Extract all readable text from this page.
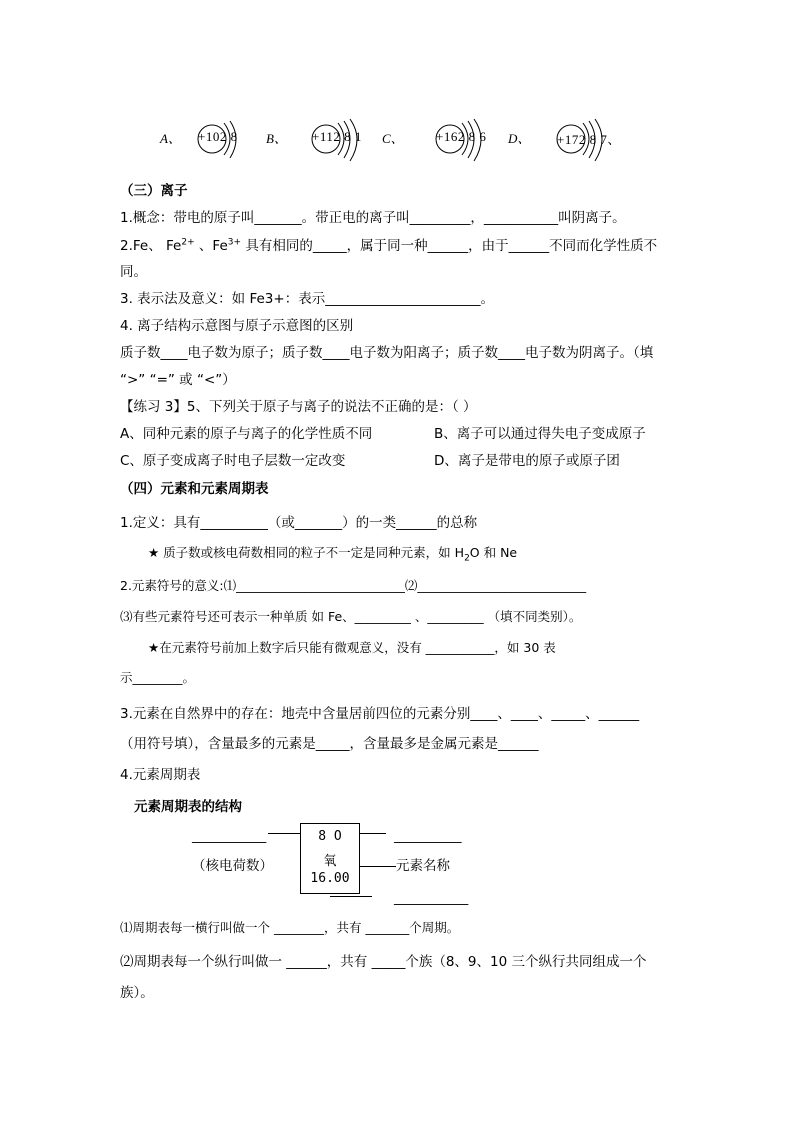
A、 +102 8 B、 +112 8 1 C、 +162 8 6 D、 +172 8 7、
（三）离子
1.概念：带电的原子叫_______。带正电的离子叫_________，___________叫阴离子。
2.Fe、 $Fe^{2+}$ 、$Fe^{3+}$ 具有相同的_____，属于同一种______，由于______不同而化学性质不
同。
3. 表示法及意义：如 Fe3+：表示_______________________。
4. 离子结构示意图与原子示意图的区别
质子数____电子数为原子；质子数____电子数为阳离子；质子数____电子数为阴离子。（填
“>” “=” 或 “<”）
【练习 3】5、下列关于原子与离子的说法不正确的是：（ ）
A、同种元素的原子与离子的化学性质不同	B、离子可以通过得失电子变成原子
C、原子变成离子时电子层数一定改变	D、离子是带电的原子或原子团
（四）元素和元素周期表
1.定义：具有__________（或_______）的一类______的总称
★ 质子数或核电荷数相同的粒子不一定是同种元素，如 $H_2O$ 和 Ne
2.元素符号的意义:⑴___________________________⑵___________________________
⑶有些元素符号还可表示一种单质 如 Fe、_________ 、_________ （填不同类别）。
★在元素符号前加上数字后只能有微观意义，没有 ___________，如 30 表
示________。
3.元素在自然界中的存在：地壳中含量居前四位的元素分别____、____、_____、______
（用符号填），含量最多的元素是_____，含量最多是金属元素是______
4.元素周期表
元素周期表的结构
___________	8 O
氧
16.00
__________
（核电荷数）	元素名称
___________
⑴周期表每一横行叫做一个 ________，共有 _______个周期。
⑵周期表每一个纵行叫做一 ______，共有 _____个族（8、9、10 三个纵行共同组成一个
族）。
